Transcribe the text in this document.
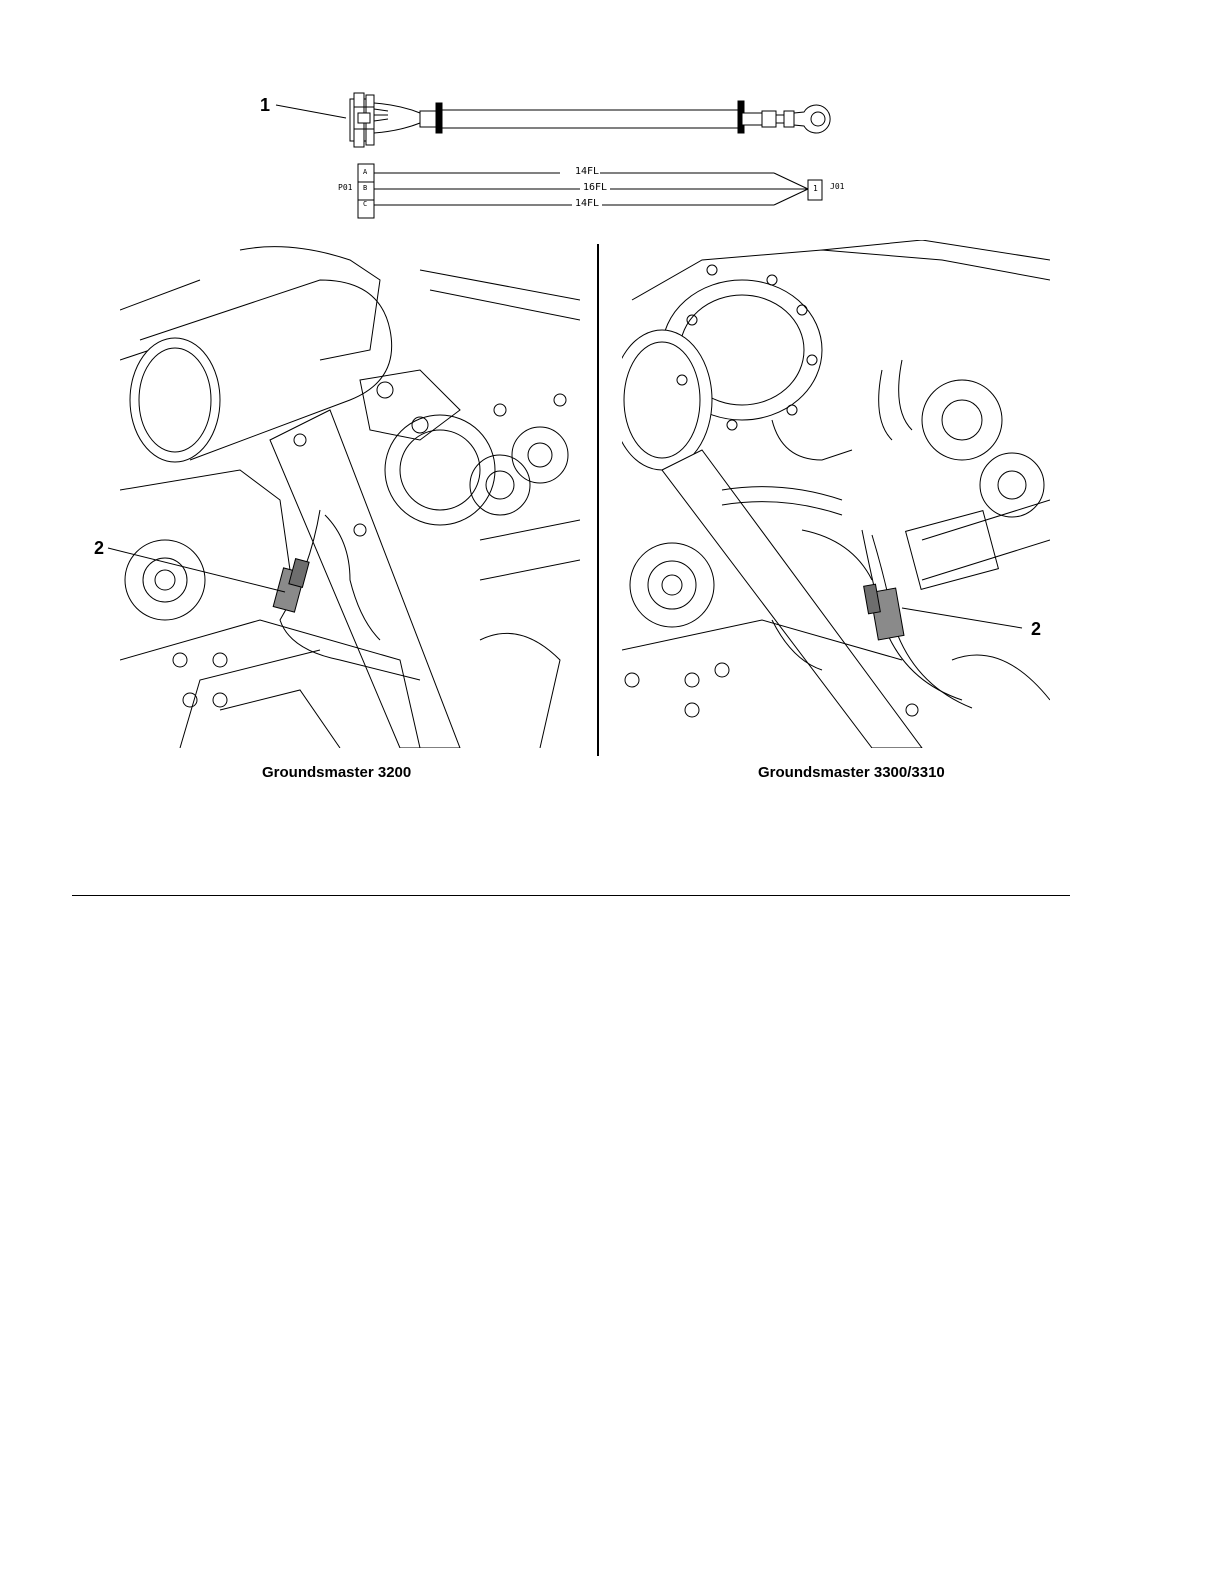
1
P01
A
B
C
14FL
16FL
14FL
1 J01
2
2
Groundsmaster 3200	Groundsmaster 3300/3310
